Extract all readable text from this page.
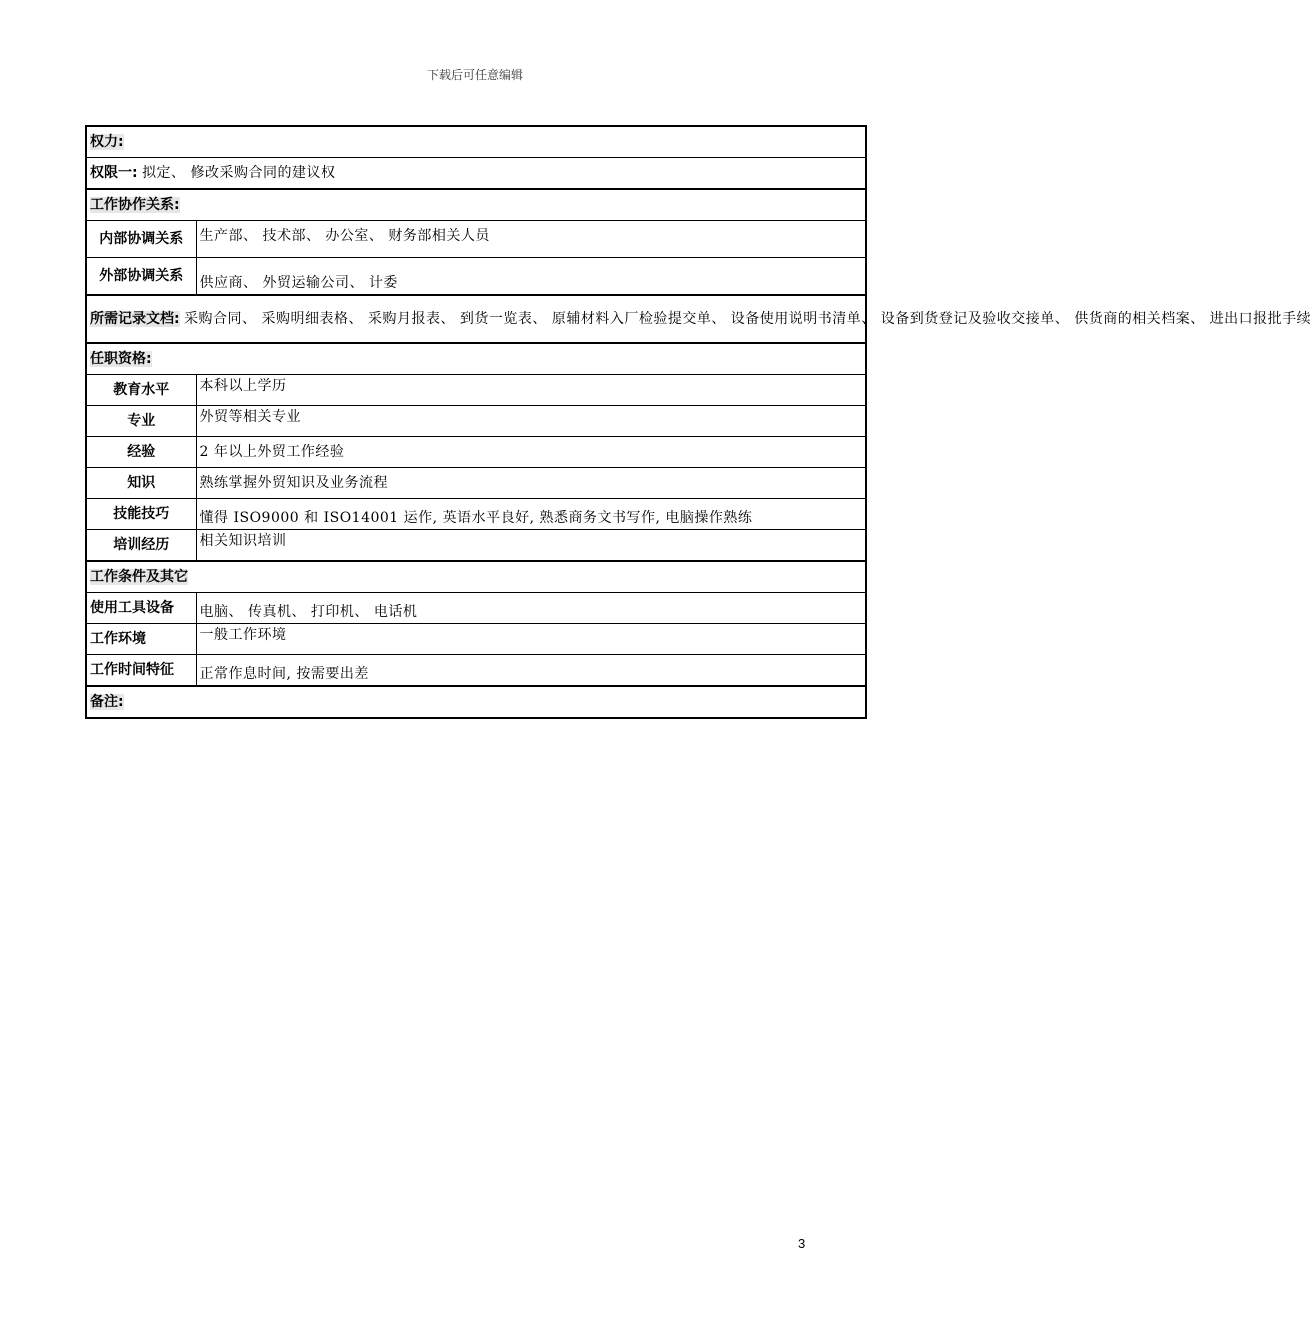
下载后可任意编辑
权力:	
权限一: 拟定、 修改采购合同的建议权	
工作协作关系:	
内部协调关系	生产部、 技术部、 办公室、 财务部相关人员
外部协调关系	供应商、 外贸运输公司、 计委
所需记录文档: 采购合同、 采购明细表格、 采购月报表、 到货一览表、 原辅材料入厂检验提交单、 设备使用说明书清单、 设备到货登记及验收交接单、 供货商的相关档案、 进出口报批手续	
任职资格:	
教育水平	本科以上学历
专业	外贸等相关专业
经验	2 年以上外贸工作经验
知识	熟练掌握外贸知识及业务流程
技能技巧	懂得 ISO9000 和 ISO14001 运作, 英语水平良好, 熟悉商务文书写作, 电脑操作熟练
培训经历	相关知识培训
工作条件及其它	
使用工具设备	电脑、 传真机、 打印机、 电话机
工作环境	一般工作环境
工作时间特征	正常作息时间, 按需要出差
备注:	
3
